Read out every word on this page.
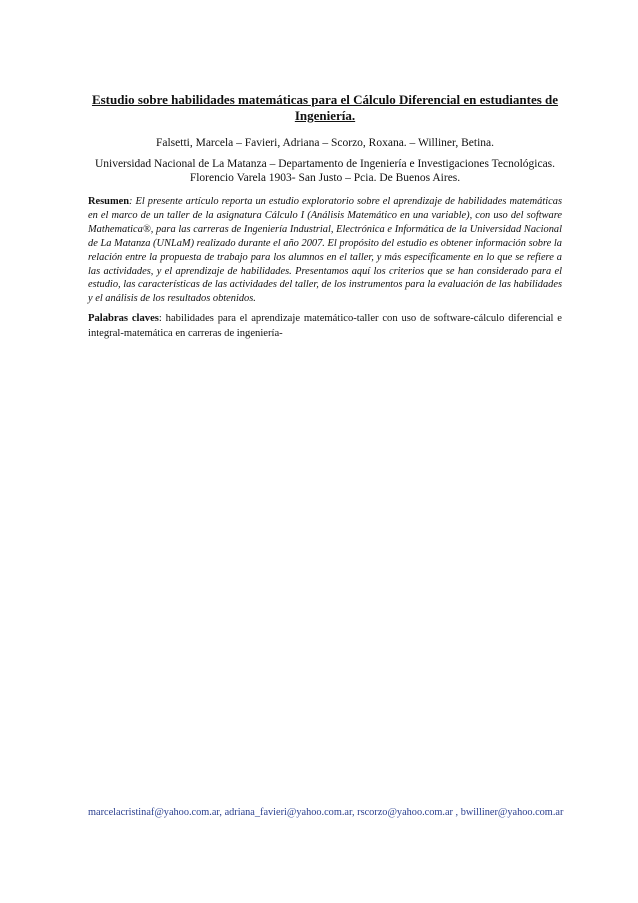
Estudio sobre habilidades matemáticas para el Cálculo Diferencial en estudiantes de Ingeniería.
Falsetti, Marcela – Favieri, Adriana – Scorzo, Roxana. – Williner, Betina.
Universidad Nacional de La Matanza – Departamento de Ingeniería e Investigaciones Tecnológicas.
Florencio Varela 1903- San Justo – Pcia. De Buenos Aires.
Resumen: El presente artículo reporta un estudio exploratorio sobre el aprendizaje de habilidades matemáticas en el marco de un taller de la asignatura Cálculo I (Análisis Matemático en una variable), con uso del software Mathematica®, para las carreras de Ingeniería Industrial, Electrónica e Informática de la Universidad Nacional de La Matanza (UNLaM) realizado durante el año 2007. El propósito del estudio es obtener información sobre la relación entre la propuesta de trabajo para los alumnos en el taller, y más específicamente en lo que se refiere a las actividades, y el aprendizaje de habilidades. Presentamos aquí los criterios que se han considerado para el estudio, las características de las actividades del taller, de los instrumentos para la evaluación de las habilidades y el análisis de los resultados obtenidos.
Palabras claves: habilidades para el aprendizaje matemático-taller con uso de software-cálculo diferencial e integral-matemática en carreras de ingeniería-
marcelacristinaf@yahoo.com.ar, adriana_favieri@yahoo.com.ar, rscorzo@yahoo.com.ar , bwilliner@yahoo.com.ar
